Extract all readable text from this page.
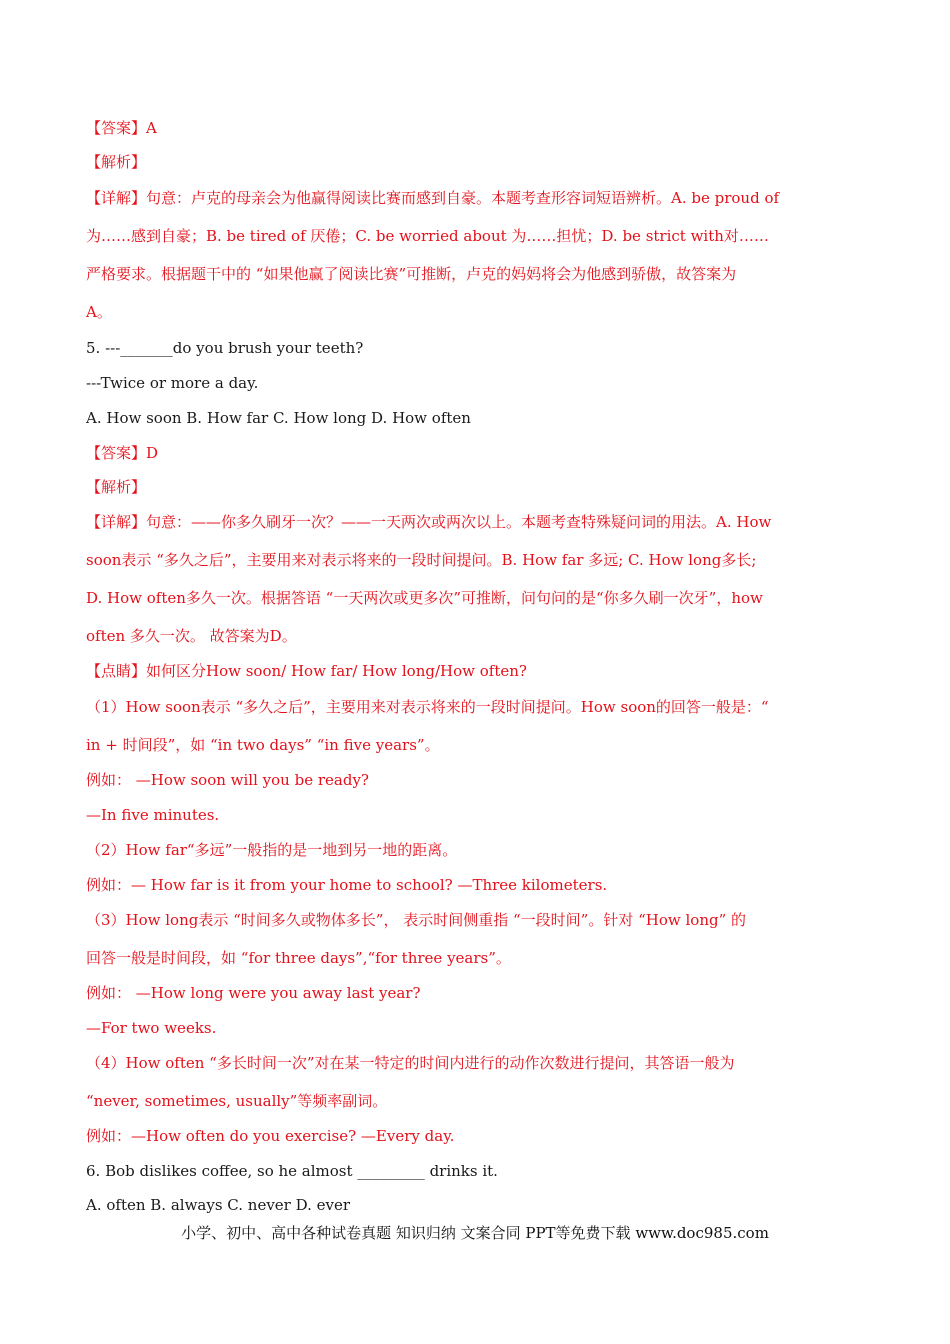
【答案】A
【解析】
【详解】句意：卢克的母亲会为他赢得阅读比赛而感到自豪。本题考查形容词短语辨析。A. be proud of
为……感到自豪；B. be tired of 厌倦；C. be worried about 为……担忧；D. be strict with对……
严格要求。根据题干中的 “如果他赢了阅读比赛”可推断，卢克的妈妈将会为他感到骄傲，故答案为
A。
5. ---_______do you brush your teeth?
---Twice or more a day.
A. How soon B. How far C. How long D. How often
【答案】D
【解析】
【详解】句意：——你多久刷牙一次？——一天两次或两次以上。本题考查特殊疑问词的用法。A. How
soon表示 “多久之后”，主要用来对表示将来的一段时间提问。B. How far 多远; C. How long多长;
D. How often多久一次。根据答语 “一天两次或更多次”可推断，问句问的是“你多久刷一次牙”，how
often 多久一次。 故答案为D。
【点睛】如何区分How soon/ How far/ How long/How often?
（1）How soon表示 “多久之后”，主要用来对表示将来的一段时间提问。How soon的回答一般是：“
in + 时间段”，如 “in two days” “in five years”。
例如： —How soon will you be ready?
—In five minutes.
（2）How far“多远”一般指的是一地到另一地的距离。
例如：— How far is it from your home to school? —Three kilometers.
（3）How long表示 “时间多久或物体多长”， 表示时间侧重指 “一段时间”。针对 “How long” 的
回答一般是时间段，如 “for three days”,“for three years”。
例如： —How long were you away last year?
—For two weeks.
（4）How often “多长时间一次”对在某一特定的时间内进行的动作次数进行提问，其答语一般为
“never, sometimes, usually”等频率副词。
例如：—How often do you exercise? —Every day.
6. Bob dislikes coffee, so he almost _________ drinks it.
A. often B. always C. never D. ever
小学、初中、高中各种试卷真题 知识归纳 文案合同 PPT等免费下载 www.doc985.com
